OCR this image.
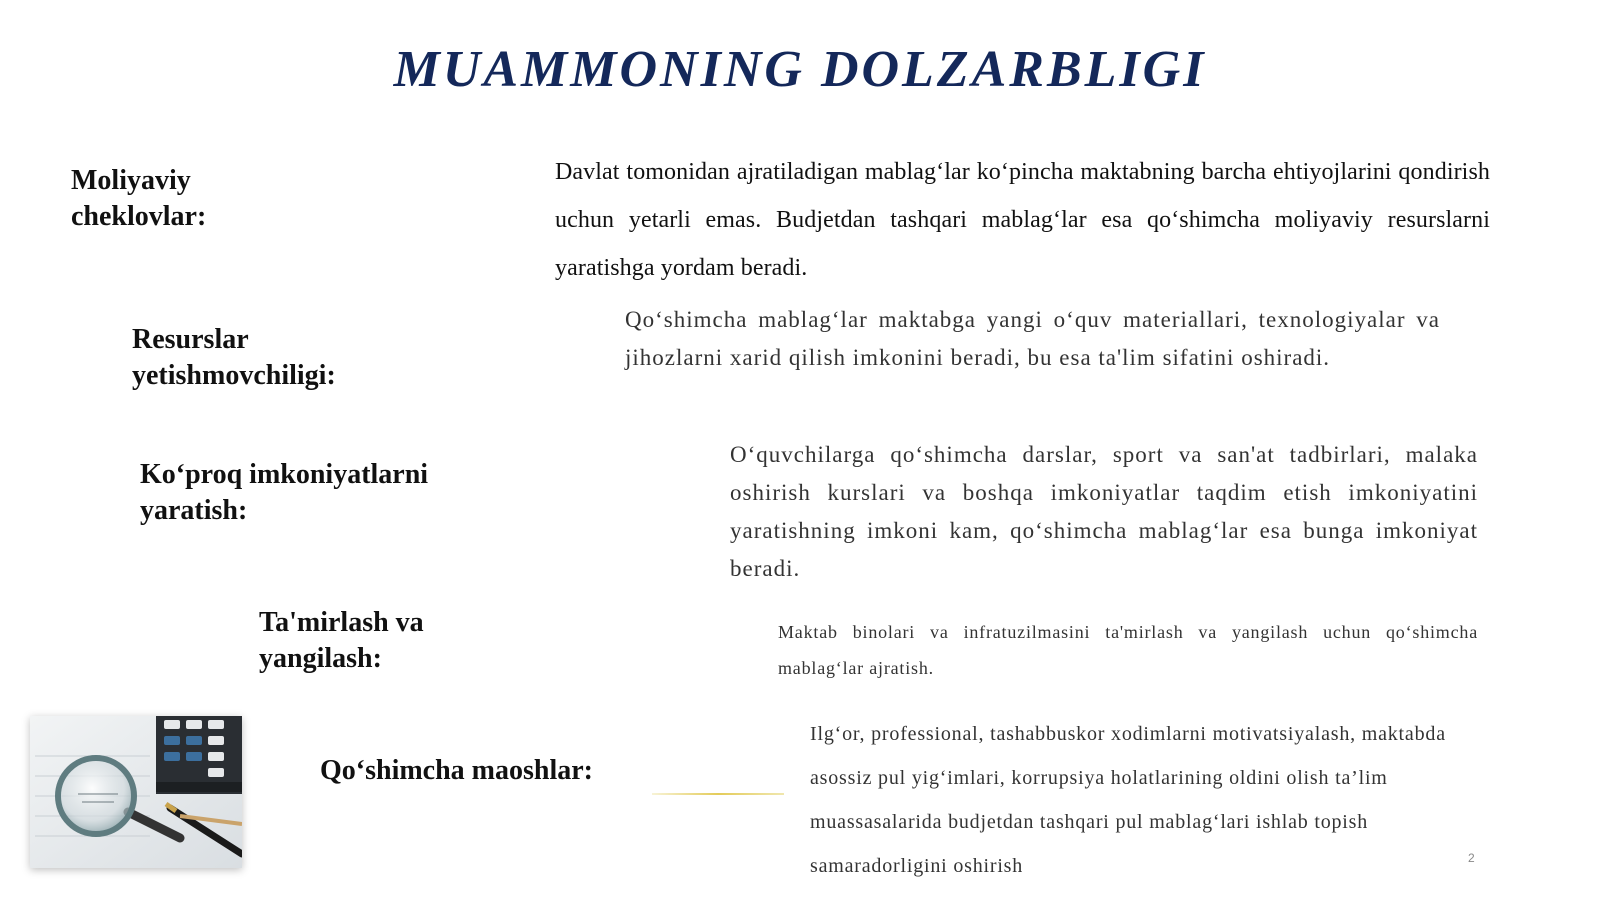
MUAMMONING DOLZARBLIGI
Moliyaviy cheklovlar:
Davlat tomonidan ajratiladigan mablag‘lar ko‘pincha maktabning barcha ehtiyojlarini qondirish uchun yetarli emas. Budjetdan tashqari mablag‘lar esa qo‘shimcha moliyaviy resurslarni yaratishga yordam beradi.
Resurslar yetishmovchiligi:
Qo‘shimcha mablag‘lar maktabga yangi o‘quv materiallari, texnologiyalar va jihozlarni xarid qilish imkonini beradi, bu esa ta'lim sifatini oshiradi.
Ko‘proq imkoniyatlarni yaratish:
O‘quvchilarga qo‘shimcha darslar, sport va san'at tadbirlari, malaka oshirish kurslari va boshqa imkoniyatlar taqdim etish imkoniyatini yaratishning imkoni kam, qo‘shimcha mablag‘lar esa bunga imkoniyat beradi.
Ta'mirlash va yangilash:
Maktab binolari va infratuzilmasini ta'mirlash va yangilash uchun qo‘shimcha mablag‘lar ajratish.
Qo‘shimcha maoshlar:
Ilg‘or, professional, tashabbuskor xodimlarni motivatsiyalash, maktabda asossiz pul yig‘imlari, korrupsiya holatlarining oldini olish ta’lim muassasalarida budjetdan tashqari pul mablag‘lari ishlab topish samaradorligini oshirish	2
